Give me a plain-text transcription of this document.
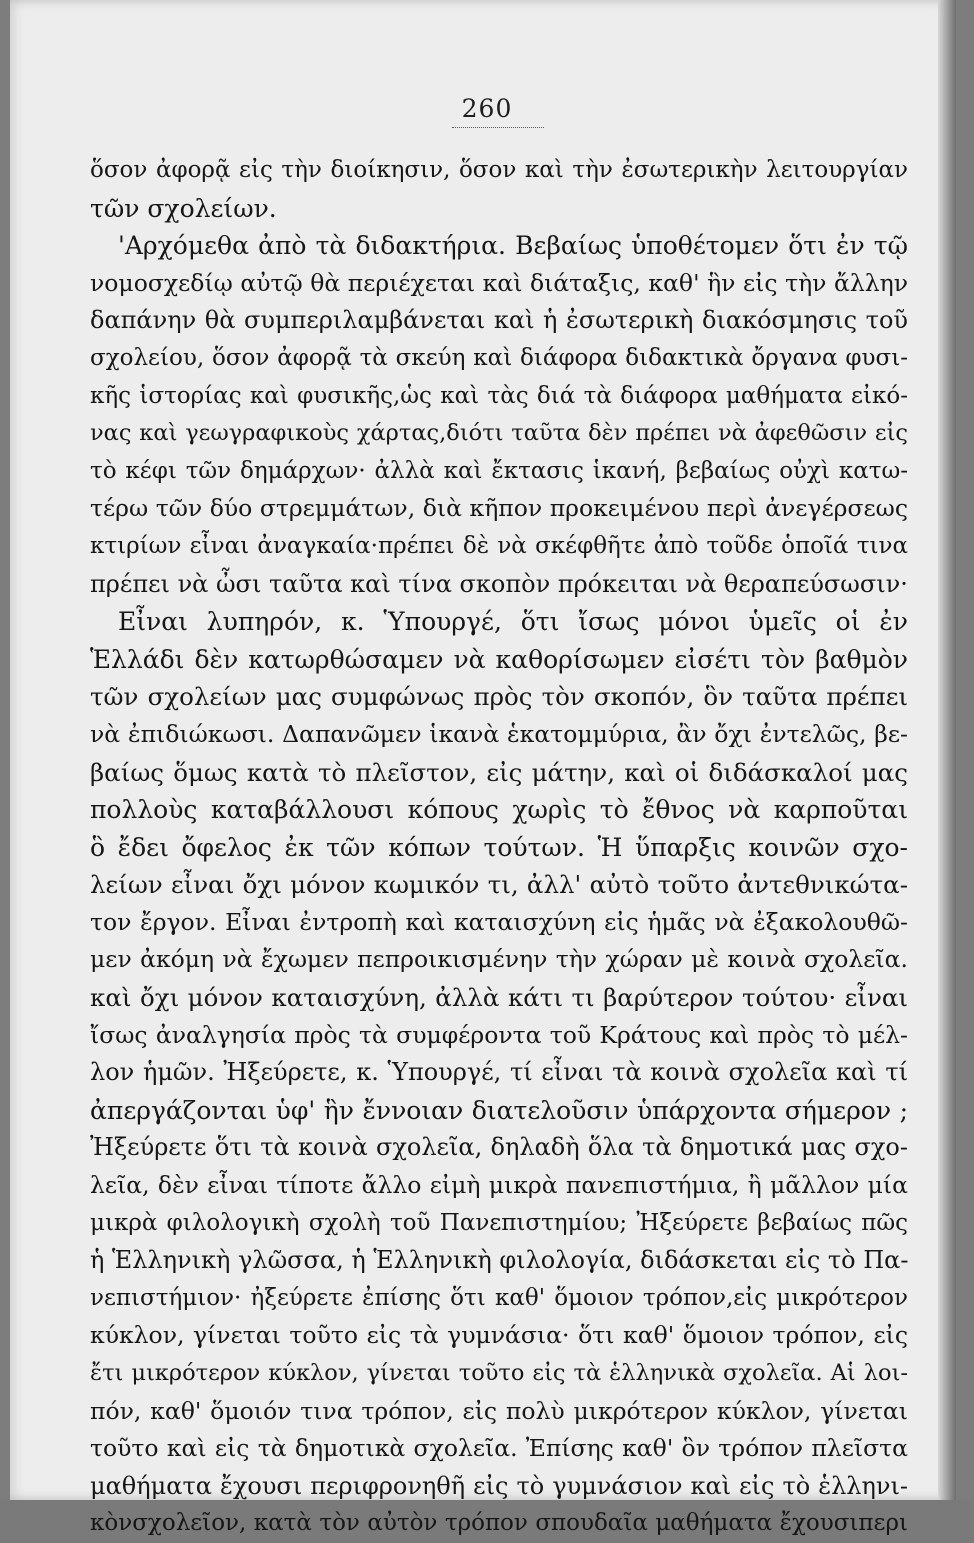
260
ὅσον ἀφορᾷ εἰς τὴν διοίκησιν, ὅσον καὶ τὴν ἐσωτερικὴν λειτουργίαν
τῶν σχολείων.
'Αρχόμεθα ἀπὸ τὰ διδακτήρια. Βεβαίως ὑποθέτομεν ὅτι ἐν τῷ
νομοσχεδίῳ αὐτῷ θὰ περιέχεται καὶ διάταξις, καθ' ἣν εἰς τὴν ἄλλην
δαπάνην θὰ συμπεριλαμβάνεται καὶ ἡ ἐσωτερικὴ διακόσμησις τοῦ
σχολείου, ὅσον ἀφορᾷ τὰ σκεύη καὶ διάφορα διδακτικὰ ὄργανα φυσι-
κῆς ἱστορίας καὶ φυσικῆς,ὡς καὶ τὰς διά τὰ διάφορα μαθήματα εἰκό-
νας καὶ γεωγραφικοὺς χάρτας,διότι ταῦτα δὲν πρέπει νὰ ἀφεθῶσιν εἰς
τὸ κέφι τῶν δημάρχων· ἀλλὰ καὶ ἔκτασις ἱκανή, βεβαίως οὐχὶ κατω-
τέρω τῶν δύο στρεμμάτων, διὰ κῆπον προκειμένου περὶ ἀνεγέρσεως
κτιρίων εἶναι ἀναγκαία·πρέπει δὲ νὰ σκέφθῆτε ἀπὸ τοῦδε ὁποῖά τινα
πρέπει νὰ ὦσι ταῦτα καὶ τίνα σκοπὸν πρόκειται νὰ θεραπεύσωσιν·
Εἶναι λυπηρόν, κ. Ὑπουργέ, ὅτι ἴσως μόνοι ὑμεῖς οἱ ἐν
Ἑλλάδι δὲν κατωρθώσαμεν νὰ καθορίσωμεν εἰσέτι τὸν βαθμὸν
τῶν σχολείων μας συμφώνως πρὸς τὸν σκοπόν, ὃν ταῦτα πρέπει
νὰ ἐπιδιώκωσι. Δαπανῶμεν ἱκανὰ ἑκατομμύρια, ἂν ὄχι ἐντελῶς, βε-
βαίως ὅμως κατὰ τὸ πλεῖστον, εἰς μάτην, καὶ οἱ διδάσκαλοί μας
πολλοὺς καταβάλλουσι κόπους χωρὶς τὸ ἔθνος νὰ καρποῦται
ὃ ἔδει ὄφελος ἐκ τῶν κόπων τούτων. Ἡ ὕπαρξις κοινῶν σχο-
λείων εἶναι ὄχι μόνον κωμικόν τι, ἀλλ' αὐτὸ τοῦτο ἀντεθνικώτα-
τον ἔργον. Εἶναι ἐντροπὴ καὶ καταισχύνη εἰς ἡμᾶς νὰ ἐξακολουθῶ-
μεν ἀκόμη νὰ ἔχωμεν πεπροικισμένην τὴν χώραν μὲ κοινὰ σχολεῖα.
καὶ ὄχι μόνον καταισχύνη, ἀλλὰ κάτι τι βαρύτερον τούτου· εἶναι
ἴσως ἀναλγησία πρὸς τὰ συμφέροντα τοῦ Κράτους καὶ πρὸς τὸ μέλ-
λον ἡμῶν. Ἠξεύρετε, κ. Ὑπουργέ, τί εἶναι τὰ κοινὰ σχολεῖα καὶ τί
ἀπεργάζονται ὑφ' ἣν ἔννοιαν διατελοῦσιν ὑπάρχοντα σήμερον ;
Ἠξεύρετε ὅτι τὰ κοινὰ σχολεῖα, δηλαδὴ ὅλα τὰ δημοτικά μας σχο-
λεῖα, δὲν εἶναι τίποτε ἄλλο εἰμὴ μικρὰ πανεπιστήμια, ἢ μᾶλλον μία
μικρὰ φιλολογικὴ σχολὴ τοῦ Πανεπιστημίου; Ἠξεύρετε βεβαίως πῶς
ἡ Ἑλληνικὴ γλῶσσα, ἡ Ἑλληνικὴ φιλολογία, διδάσκεται εἰς τὸ Πα-
νεπιστήμιον· ἠξεύρετε ἐπίσης ὅτι καθ' ὅμοιον τρόπον,εἰς μικρότερον
κύκλον, γίνεται τοῦτο εἰς τὰ γυμνάσια· ὅτι καθ' ὅμοιον τρόπον, εἰς
ἔτι μικρότερον κύκλον, γίνεται τοῦτο εἰς τὰ ἑλληνικὰ σχολεῖα. Αἱ λοι-
πόν, καθ' ὅμοιόν τινα τρόπον, εἰς πολὺ μικρότερον κύκλον, γίνεται
τοῦτο καὶ εἰς τὰ δημοτικὰ σχολεῖα. Ἐπίσης καθ' ὃν τρόπον πλεῖστα
μαθήματα ἔχουσι περιφρονηθῆ εἰς τὸ γυμνάσιον καὶ εἰς τὸ ἑλληνι-
κὸνσχολεῖον, κατὰ τὸν αὐτὸν τρόπον σπουδαῖα μαθήματα ἔχουσιπερι
